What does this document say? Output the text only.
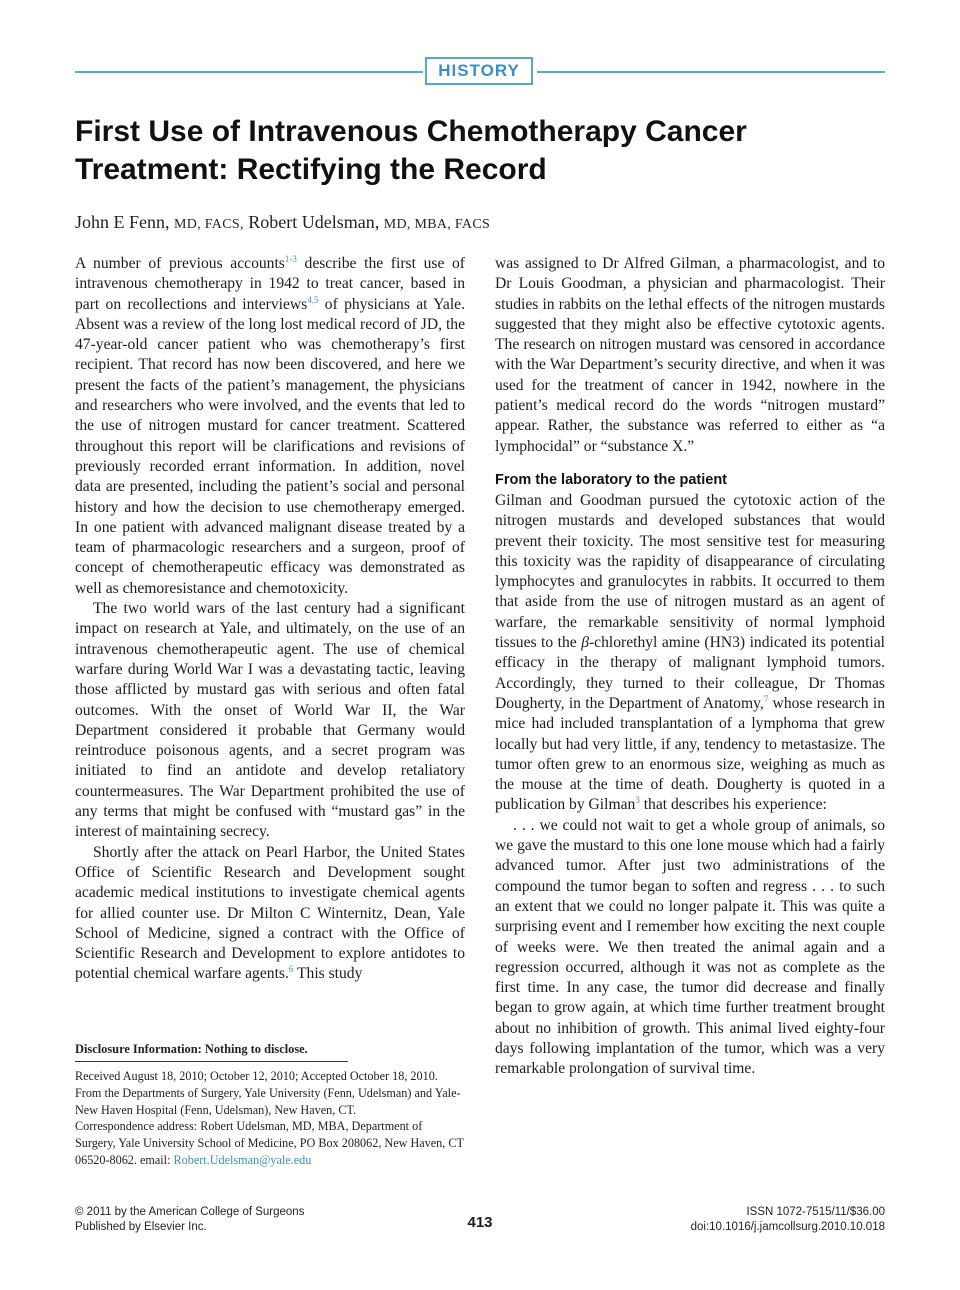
HISTORY
First Use of Intravenous Chemotherapy Cancer Treatment: Rectifying the Record
John E Fenn, MD, FACS, Robert Udelsman, MD, MBA, FACS

A number of previous accounts$^{1-3}$ describe the first use of intravenous chemotherapy in 1942 to treat cancer, based in part on recollections and interviews$^{4,5}$ of physicians at Yale. Absent was a review of the long lost medical record of JD, the 47-year-old cancer patient who was chemotherapy’s first recipient. That record has now been discovered, and here we present the facts of the patient’s management, the physicians and researchers who were involved, and the events that led to the use of nitrogen mustard for cancer treatment. Scattered throughout this report will be clarifications and revisions of previously recorded errant information. In addition, novel data are presented, including the patient’s social and personal history and how the decision to use chemotherapy emerged. In one patient with advanced malignant disease treated by a team of pharmacologic researchers and a surgeon, proof of concept of chemotherapeutic efficacy was demonstrated as well as chemoresistance and chemotoxicity.

The two world wars of the last century had a significant impact on research at Yale, and ultimately, on the use of an intravenous chemotherapeutic agent. The use of chemical warfare during World War I was a devastating tactic, leaving those afflicted by mustard gas with serious and often fatal outcomes. With the onset of World War II, the War Department considered it probable that Germany would reintroduce poisonous agents, and a secret program was initiated to find an antidote and develop retaliatory countermeasures. The War Department prohibited the use of any terms that might be confused with “mustard gas” in the interest of maintaining secrecy.

Shortly after the attack on Pearl Harbor, the United States Office of Scientific Research and Development sought academic medical institutions to investigate chemical agents for allied counter use. Dr Milton C Winternitz, Dean, Yale School of Medicine, signed a contract with the Office of Scientific Research and Development to explore antidotes to potential chemical warfare agents.$^6$ This study

was assigned to Dr Alfred Gilman, a pharmacologist, and to Dr Louis Goodman, a physician and pharmacologist. Their studies in rabbits on the lethal effects of the nitrogen mustards suggested that they might also be effective cytotoxic agents. The research on nitrogen mustard was censored in accordance with the War Department’s security directive, and when it was used for the treatment of cancer in 1942, nowhere in the patient’s medical record do the words “nitrogen mustard” appear. Rather, the substance was referred to either as “a lymphocidal” or “substance X.”

From the laboratory to the patient

Gilman and Goodman pursued the cytotoxic action of the nitrogen mustards and developed substances that would prevent their toxicity. The most sensitive test for measuring this toxicity was the rapidity of disappearance of circulating lymphocytes and granulocytes in rabbits. It occurred to them that aside from the use of nitrogen mustard as an agent of warfare, the remarkable sensitivity of normal lymphoid tissues to the β-chlorethyl amine (HN3) indicated its potential efficacy in the therapy of malignant lymphoid tumors. Accordingly, they turned to their colleague, Dr Thomas Dougherty, in the Department of Anatomy,$^7$ whose research in mice had included transplantation of a lymphoma that grew locally but had very little, if any, tendency to metastasize. The tumor often grew to an enormous size, weighing as much as the mouse at the time of death. Dougherty is quoted in a publication by Gilman$^3$ that describes his experience:

. . . we could not wait to get a whole group of animals, so we gave the mustard to this one lone mouse which had a fairly advanced tumor. After just two administrations of the compound the tumor began to soften and regress . . . to such an extent that we could no longer palpate it. This was quite a surprising event and I remember how exciting the next couple of weeks were. We then treated the animal again and a regression occurred, although it was not as complete as the first time. In any case, the tumor did decrease and finally began to grow again, at which time further treatment brought about no inhibition of growth. This animal lived eighty-four days following implantation of the tumor, which was a very remarkable prolongation of survival time.

Disclosure Information: Nothing to disclose.
Received August 18, 2010; October 12, 2010; Accepted October 18, 2010.
From the Departments of Surgery, Yale University (Fenn, Udelsman) and Yale-New Haven Hospital (Fenn, Udelsman), New Haven, CT.
Correspondence address: Robert Udelsman, MD, MBA, Department of Surgery, Yale University School of Medicine, PO Box 208062, New Haven, CT 06520-8062. email: Robert.Udelsman@yale.edu
© 2011 by the American College of Surgeons
Published by Elsevier Inc.	413
ISSN 1072-7515/11/$36.00
doi:10.1016/j.jamcollsurg.2010.10.018
